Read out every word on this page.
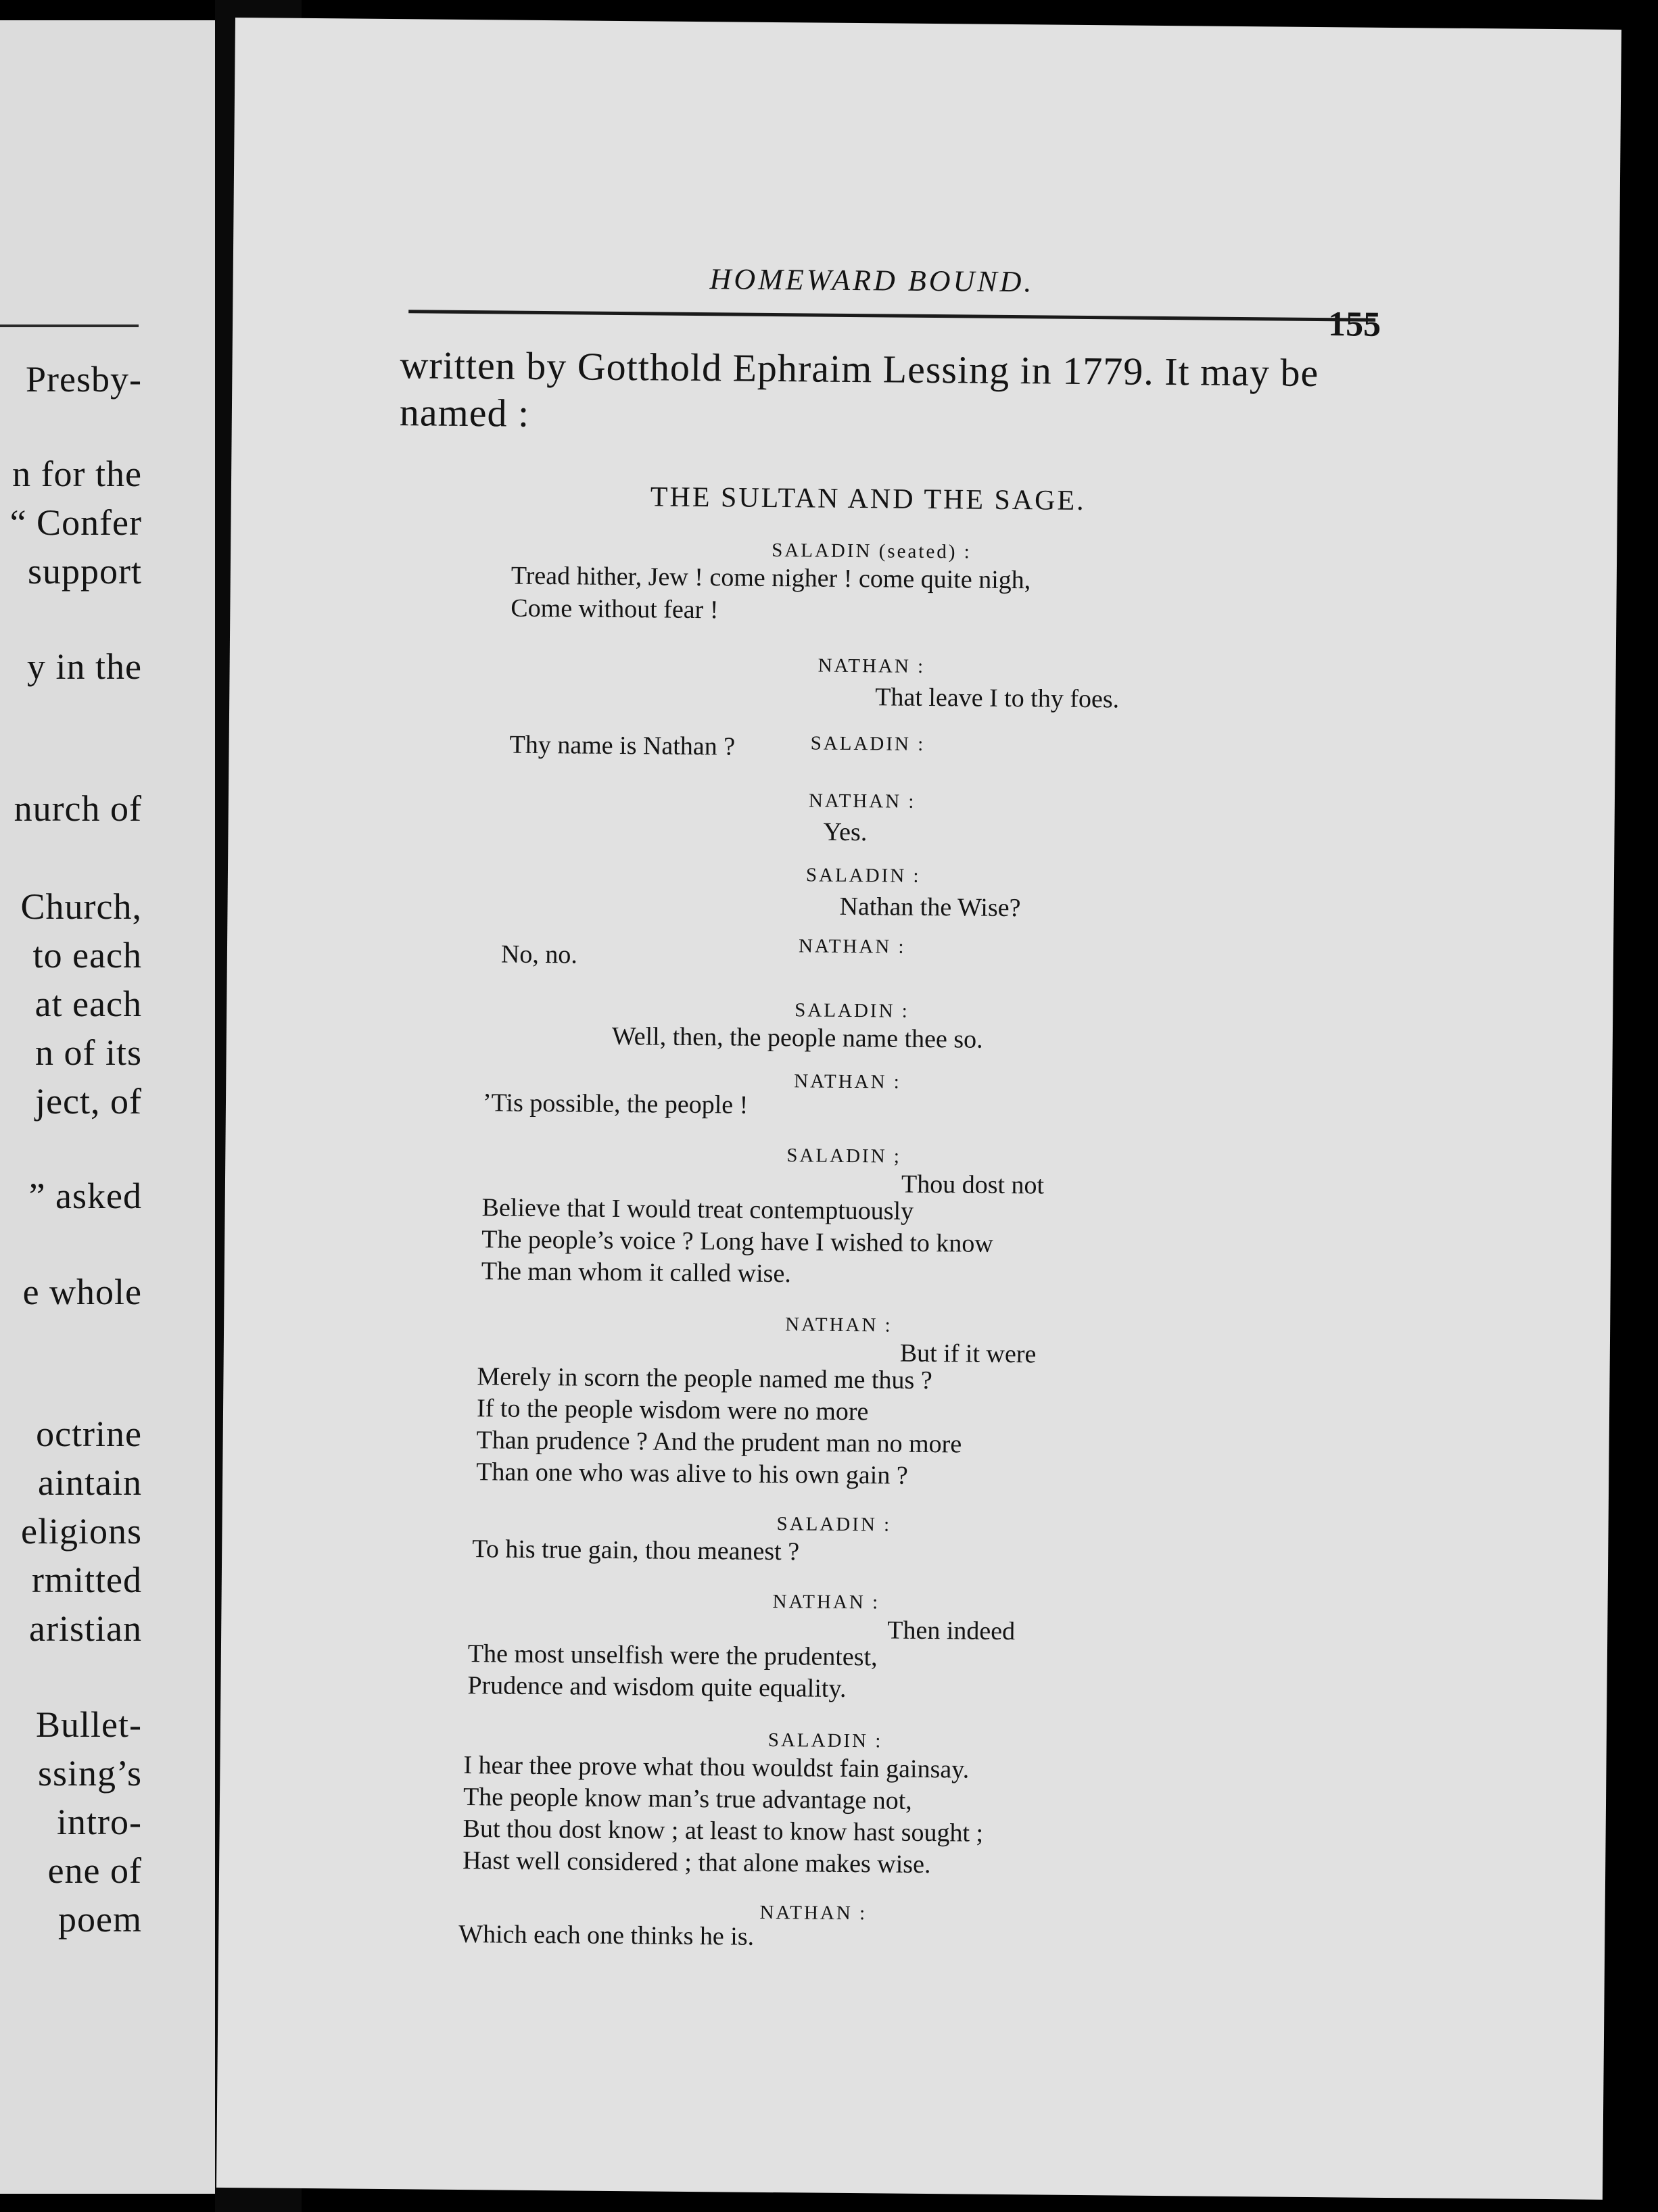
Presby-
n for the
“ Confer
support
y in the
nurch of
Church,
to each
at each
n of its
ject, of
” asked
e whole
octrine
aintain
eligions
rmitted
aristian
Bullet-
ssing’s
intro-
ene of
poem
HOMEWARD BOUND.
155
written by Gotthold Ephraim Lessing in 1779. It may be
named :
THE SULTAN AND THE SAGE.
SALADIN (seated) :
Tread hither, Jew ! come nigher ! come quite nigh,
Come without fear !
NATHAN :
That leave I to thy foes.
SALADIN :
Thy name is Nathan ?
NATHAN :
Yes.
SALADIN :
Nathan the Wise?
NATHAN :
No, no.
SALADIN :
Well, then, the people name thee so.
NATHAN :
’Tis possible, the people !
SALADIN ;
Thou dost not
Believe that I would treat contemptuously
The people’s voice ? Long have I wished to know
The man whom it called wise.
NATHAN :
But if it were
Merely in scorn the people named me thus ?
If to the people wisdom were no more
Than prudence ? And the prudent man no more
Than one who was alive to his own gain ?
SALADIN :
To his true gain, thou meanest ?
NATHAN :
Then indeed
The most unselfish were the prudentest,
Prudence and wisdom quite equality.
SALADIN :
I hear thee prove what thou wouldst fain gainsay.
The people know man’s true advantage not,
But thou dost know ; at least to know hast sought ;
Hast well considered ; that alone makes wise.
NATHAN :
Which each one thinks he is.
